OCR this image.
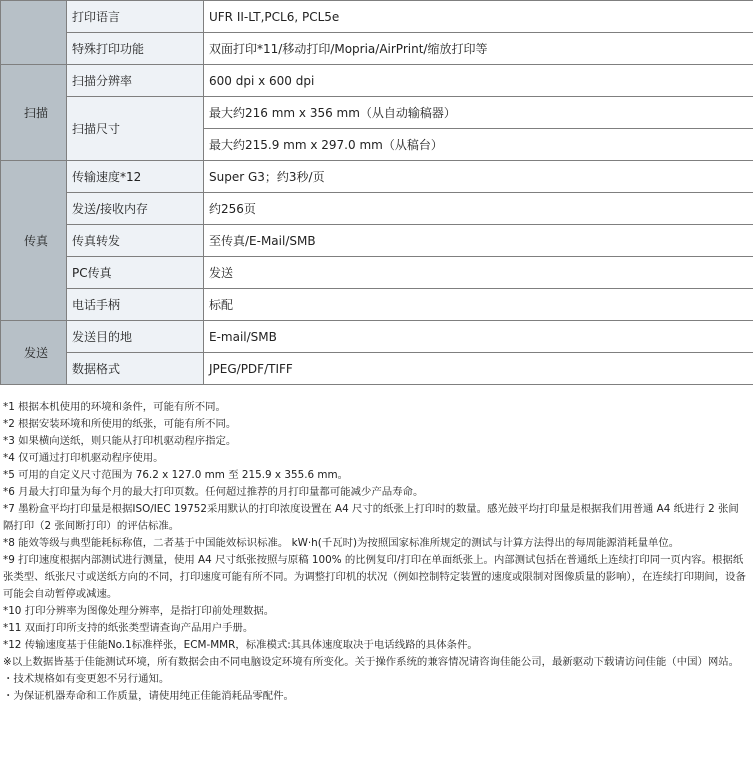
	打印语言	UFR II-LT,PCL6, PCL5e
	特殊打印功能	双面打印*11/移动打印/Mopria/AirPrint/缩放打印等
扫描	扫描分辨率	600 dpi x 600 dpi
	扫描尺寸	最大约216 mm x 356 mm（从自动输稿器）
		最大约215.9 mm x 297.0 mm（从稿台）
传真	传输速度*12	Super G3；约3秒/页
	发送/接收内存	约256页
	传真转发	至传真/E-Mail/SMB
	PC传真	发送
	电话手柄	标配
发送	发送目的地	E-mail/SMB
	数据格式	JPEG/PDF/TIFF
*1 根据本机使用的环境和条件，可能有所不同。
*2 根据安装环境和所使用的纸张，可能有所不同。
*3 如果横向送纸，则只能从打印机驱动程序指定。
*4 仅可通过打印机驱动程序使用。
*5 可用的自定义尺寸范围为 76.2 x 127.0 mm 至 215.9 x 355.6 mm。
*6 月最大打印量为每个月的最大打印页数。任何超过推荐的月打印量都可能减少产品寿命。
*7 墨粉盒平均打印量是根据ISO/IEC 19752采用默认的打印浓度设置在 A4 尺寸的纸张上打印时的数量。感光鼓平均打印量是根据我们用普通 A4 纸进行 2 张间隔打印（2 张间断打印）的评估标准。
*8 能效等级与典型能耗标称值，二者基于中国能效标识标准。 kW·h(千瓦时)为按照国家标准所规定的测试与计算方法得出的每周能源消耗量单位。
*9 打印速度根据内部测试进行测量，使用 A4 尺寸纸张按照与原稿 100% 的比例复印/打印在单面纸张上。内部测试包括在普通纸上连续打印同一页内容。根据纸张类型、纸张尺寸或送纸方向的不同，打印速度可能有所不同。为调整打印机的状况（例如控制特定装置的速度或限制对图像质量的影响），在连续打印期间，设备可能会自动暂停或减速。
*10 打印分辨率为图像处理分辨率，是指打印前处理数据。
*11 双面打印所支持的纸张类型请查询产品用户手册。
*12 传输速度基于佳能No.1标准样张，ECM-MMR，标准模式:其具体速度取决于电话线路的具体条件。
※以上数据皆基于佳能测试环境，所有数据会由不同电脑设定环境有所变化。关于操作系统的兼容情况请咨询佳能公司，最新驱动下载请访问佳能（中国）网站。
・技术规格如有变更恕不另行通知。
・为保证机器寿命和工作质量，请使用纯正佳能消耗品零配件。
